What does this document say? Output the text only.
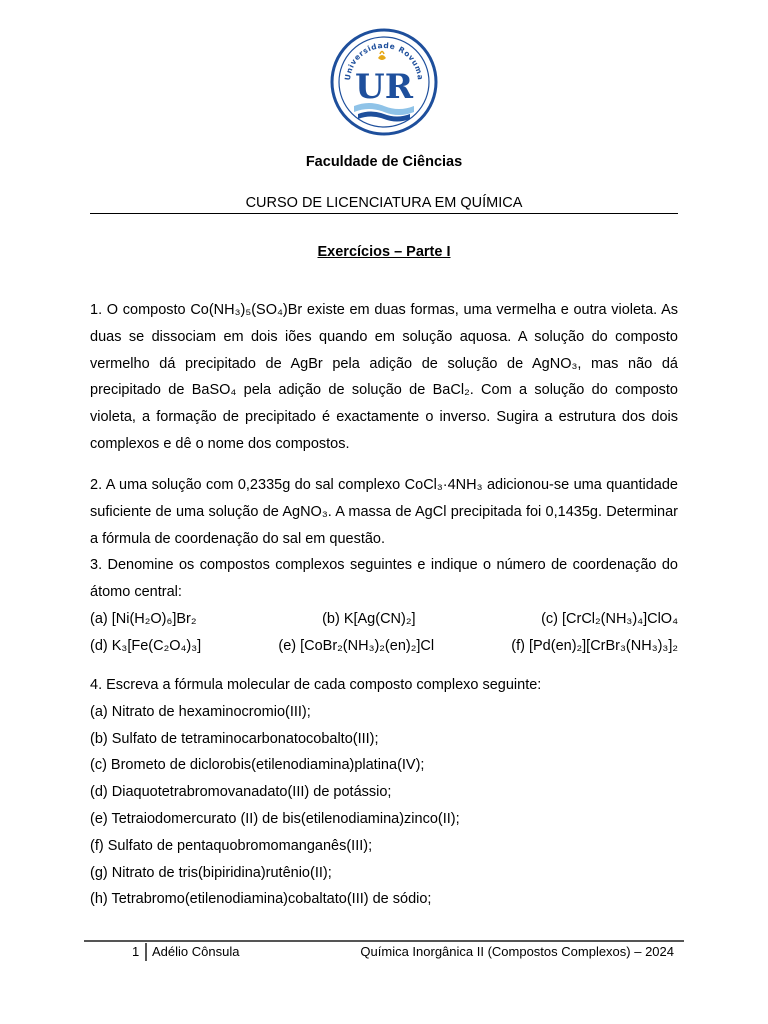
Universidade Rovuma
UR
Faculdade de Ciências
CURSO DE LICENCIATURA EM QUÍMICA
Exercícios – Parte I
1. O composto Co(NH₃)₅(SO₄)Br existe em duas formas, uma vermelha e outra violeta. As duas se dissociam em dois iões quando em solução aquosa. A solução do composto vermelho dá precipitado de AgBr pela adição de solução de AgNO₃, mas não dá precipitado de BaSO₄ pela adição de solução de BaCl₂. Com a solução do composto violeta, a formação de precipitado é exactamente o inverso. Sugira a estrutura dos dois complexos e dê o nome dos compostos.
2. A uma solução com 0,2335g do sal complexo CoCl₃·4NH₃ adicionou-se uma quantidade suficiente de uma solução de AgNO₃. A massa de AgCl precipitada foi 0,1435g. Determinar a fórmula de coordenação do sal em questão.
3. Denomine os compostos complexos seguintes e indique o número de coordenação do átomo central:
(a) [Ni(H₂O)₆]Br₂	(b) K[Ag(CN)₂]	(c) [CrCl₂(NH₃)₄]ClO₄
(d) K₃[Fe(C₂O₄)₃]	(e) [CoBr₂(NH₃)₂(en)₂]Cl	(f) [Pd(en)₂][CrBr₃(NH₃)₃]₂
4. Escreva a fórmula molecular de cada composto complexo seguinte:
(a) Nitrato de hexaminocromio(III);
(b) Sulfato de tetraminocarbonatocobalto(III);
(c) Brometo de diclorobis(etilenodiamina)platina(IV);
(d) Diaquotetrabromovanadato(III) de potássio;
(e) Tetraiodomercurato (II) de bis(etilenodiamina)zinco(II);
(f) Sulfato de pentaquobromomanganês(III);
(g) Nitrato de tris(bipiridina)rutênio(II);
(h) Tetrabromo(etilenodiamina)cobaltato(III) de sódio;
1 Adélio Cônsula	Química Inorgânica II (Compostos Complexos) – 2024
